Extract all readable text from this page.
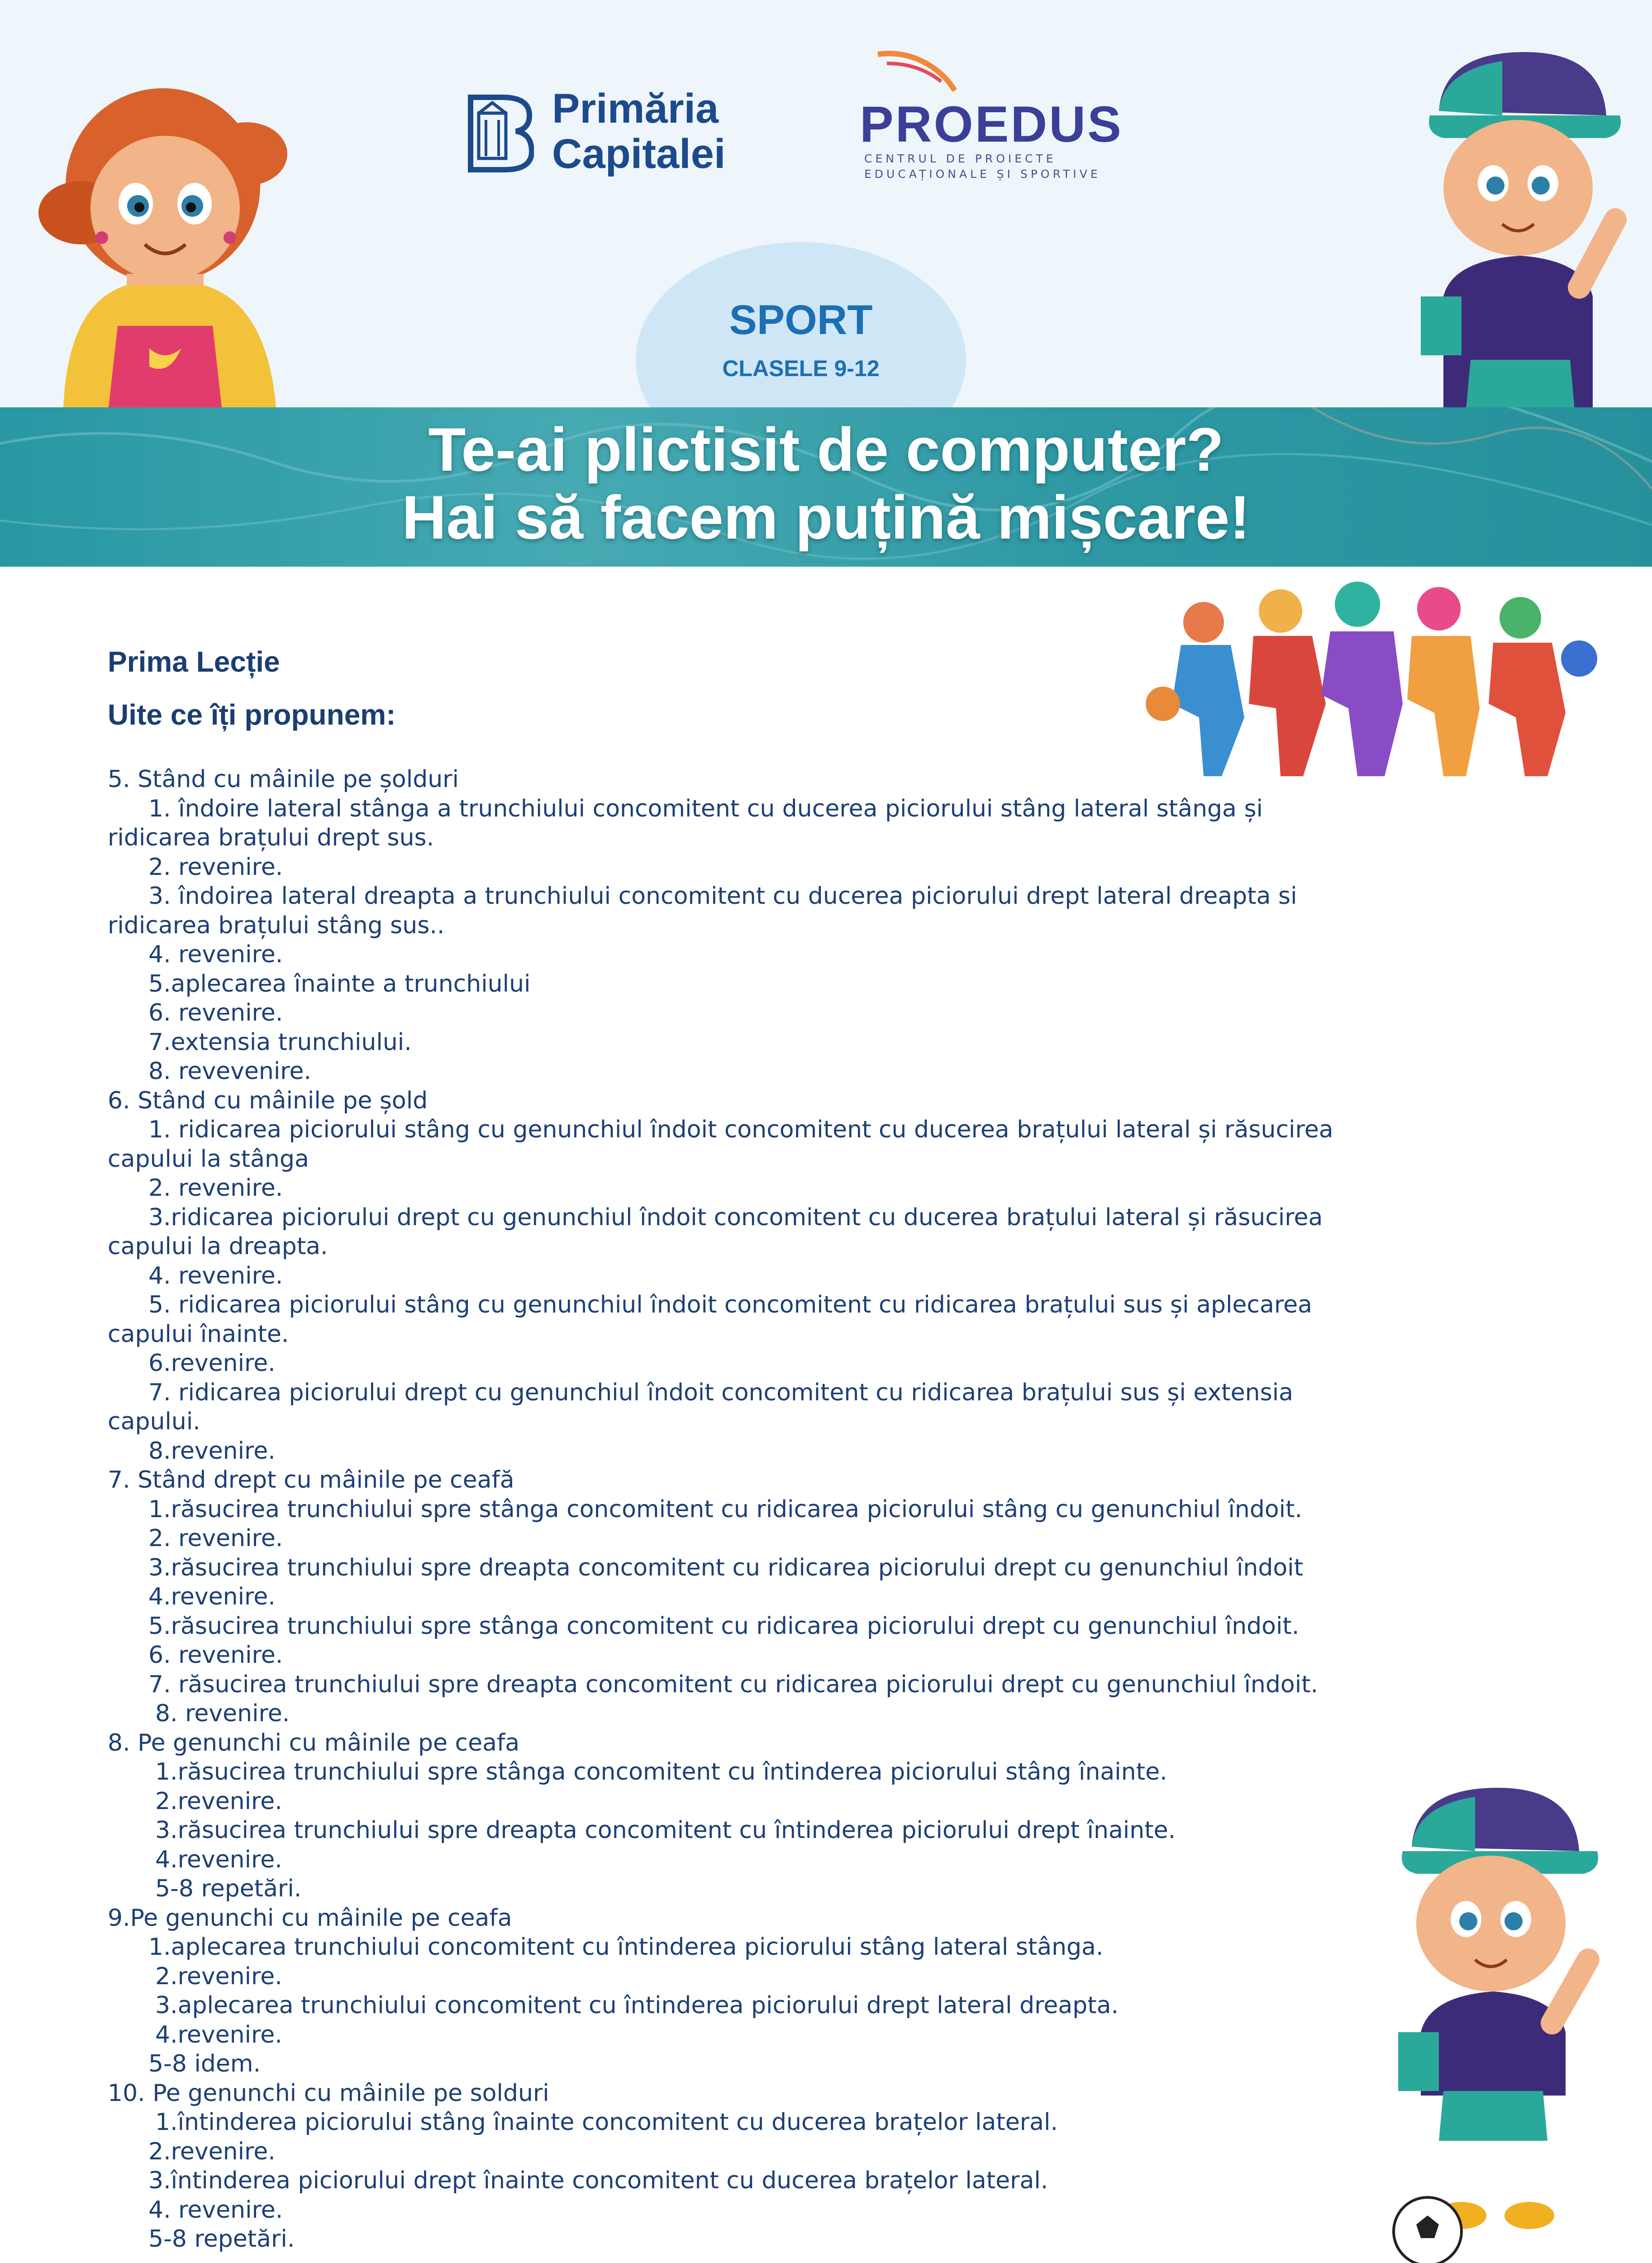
Primăria
Capitalei
PROEDUS
CENTRUL DE PROIECTE
EDUCAȚIONALE ȘI SPORTIVE
SPORT
CLASELE 9-12
Te-ai plictisit de computer?
Hai să facem puțină mișcare!
Prima Lecție
Uite ce îți propunem:
5. Stând cu mâinile pe șolduri
1. îndoire lateral stânga a trunchiului concomitent cu ducerea piciorului stâng lateral stânga și
ridicarea brațului drept sus.
2. revenire.
3. îndoirea lateral dreapta a trunchiului concomitent cu ducerea piciorului drept lateral dreapta si
ridicarea brațului stâng sus..
4. revenire.
5.aplecarea înainte a trunchiului
6. revenire.
7.extensia trunchiului.
8. revevenire.
6. Stând cu mâinile pe șold
1. ridicarea piciorului stâng cu genunchiul îndoit concomitent cu ducerea brațului lateral și răsucirea
capului la stânga
2. revenire.
3.ridicarea piciorului drept cu genunchiul îndoit concomitent cu ducerea brațului lateral și răsucirea
capului la dreapta.
4. revenire.
5. ridicarea piciorului stâng cu genunchiul îndoit concomitent cu ridicarea brațului sus și aplecarea
capului înainte.
6.revenire.
7. ridicarea piciorului drept cu genunchiul îndoit concomitent cu ridicarea brațului sus și extensia
capului.
8.revenire.
7. Stând drept cu mâinile pe ceafă
1.răsucirea trunchiului spre stânga concomitent cu ridicarea piciorului stâng cu genunchiul îndoit.
2. revenire.
3.răsucirea trunchiului spre dreapta concomitent cu ridicarea piciorului drept cu genunchiul îndoit
4.revenire.
5.răsucirea trunchiului spre stânga concomitent cu ridicarea piciorului drept cu genunchiul îndoit.
6. revenire.
7. răsucirea trunchiului spre dreapta concomitent cu ridicarea piciorului drept cu genunchiul îndoit.
8. revenire.
8. Pe genunchi cu mâinile pe ceafa
1.răsucirea trunchiului spre stânga concomitent cu întinderea piciorului stâng înainte.
2.revenire.
3.răsucirea trunchiului spre dreapta concomitent cu întinderea piciorului drept înainte.
4.revenire.
5-8 repetări.
9.Pe genunchi cu mâinile pe ceafa
1.aplecarea trunchiului concomitent cu întinderea piciorului stâng lateral stânga.
2.revenire.
3.aplecarea trunchiului concomitent cu întinderea piciorului drept lateral dreapta.
4.revenire.
5-8 idem.
10. Pe genunchi cu mâinile pe solduri
1.întinderea piciorului stâng înainte concomitent cu ducerea brațelor lateral.
2.revenire.
3.întinderea piciorului drept înainte concomitent cu ducerea brațelor lateral.
4. revenire.
5-8 repetări.
